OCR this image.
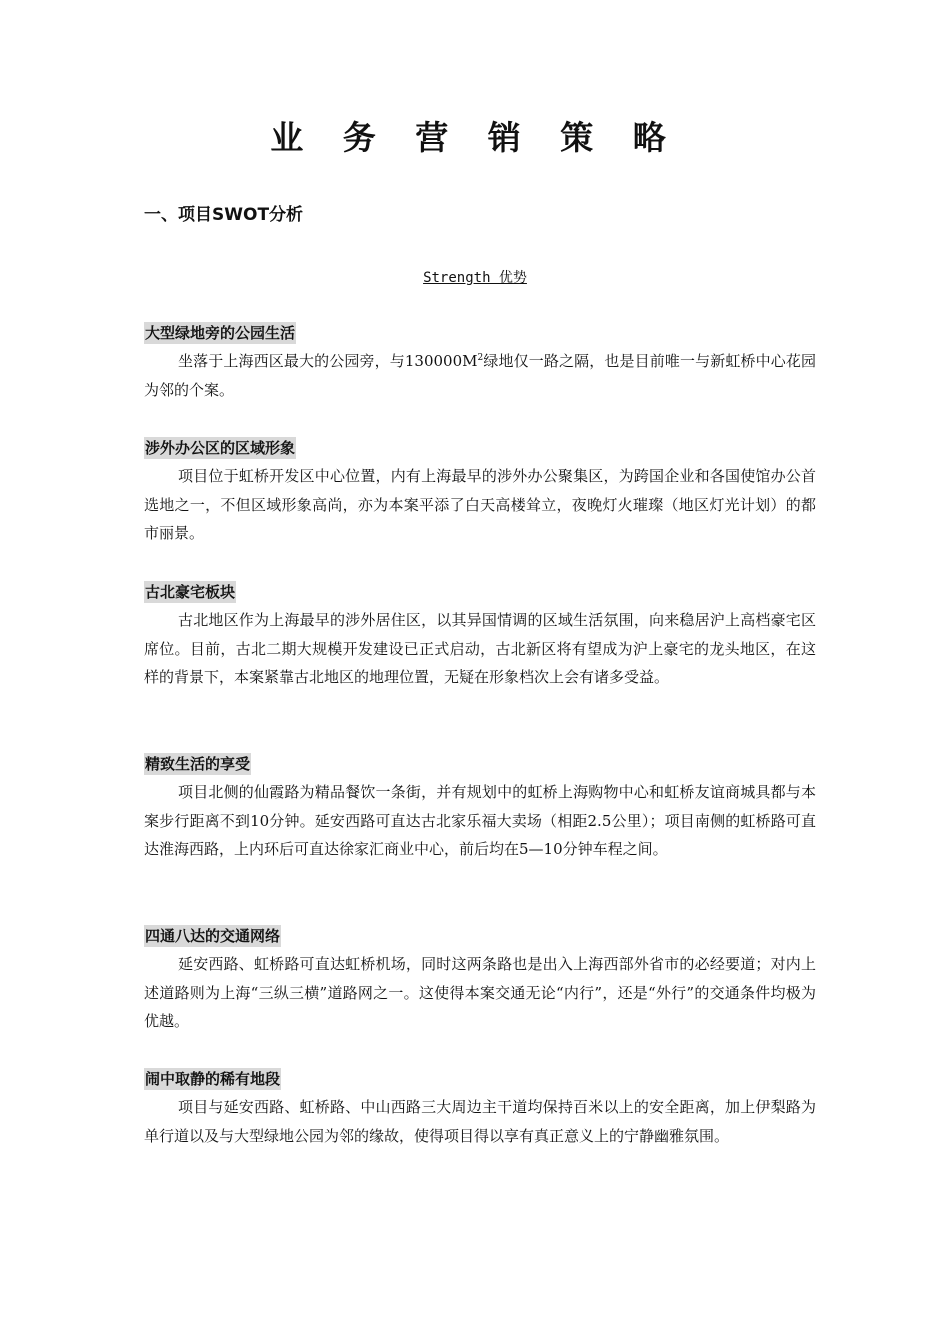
业 务 营 销 策 略
一、项目SWOT分析
Strength 优势
大型绿地旁的公园生活

坐落于上海西区最大的公园旁，与$130000M^2$绿地仅一路之隔，也是目前唯一与新虹桥中心花园为邻的个案。

涉外办公区的区域形象

项目位于虹桥开发区中心位置，内有上海最早的涉外办公聚集区，为跨国企业和各国使馆办公首选地之一，不但区域形象高尚，亦为本案平添了白天高楼耸立，夜晚灯火璀璨（地区灯光计划）的都市丽景。

古北豪宅板块

古北地区作为上海最早的涉外居住区，以其异国情调的区域生活氛围，向来稳居沪上高档豪宅区席位。目前，古北二期大规模开发建设已正式启动，古北新区将有望成为沪上豪宅的龙头地区，在这样的背景下，本案紧靠古北地区的地理位置，无疑在形象档次上会有诸多受益。

精致生活的享受

项目北侧的仙霞路为精品餐饮一条街，并有规划中的虹桥上海购物中心和虹桥友谊商城具都与本案步行距离不到10分钟。延安西路可直达古北家乐福大卖场（相距2.5公里）；项目南侧的虹桥路可直达淮海西路，上内环后可直达徐家汇商业中心，前后均在5—10分钟车程之间。

四通八达的交通网络

延安西路、虹桥路可直达虹桥机场，同时这两条路也是出入上海西部外省市的必经要道；对内上述道路则为上海“三纵三横”道路网之一。这使得本案交通无论“内行”，还是“外行”的交通条件均极为优越。

闹中取静的稀有地段

项目与延安西路、虹桥路、中山西路三大周边主干道均保持百米以上的安全距离，加上伊梨路为单行道以及与大型绿地公园为邻的缘故，使得项目得以享有真正意义上的宁静幽雅氛围。
